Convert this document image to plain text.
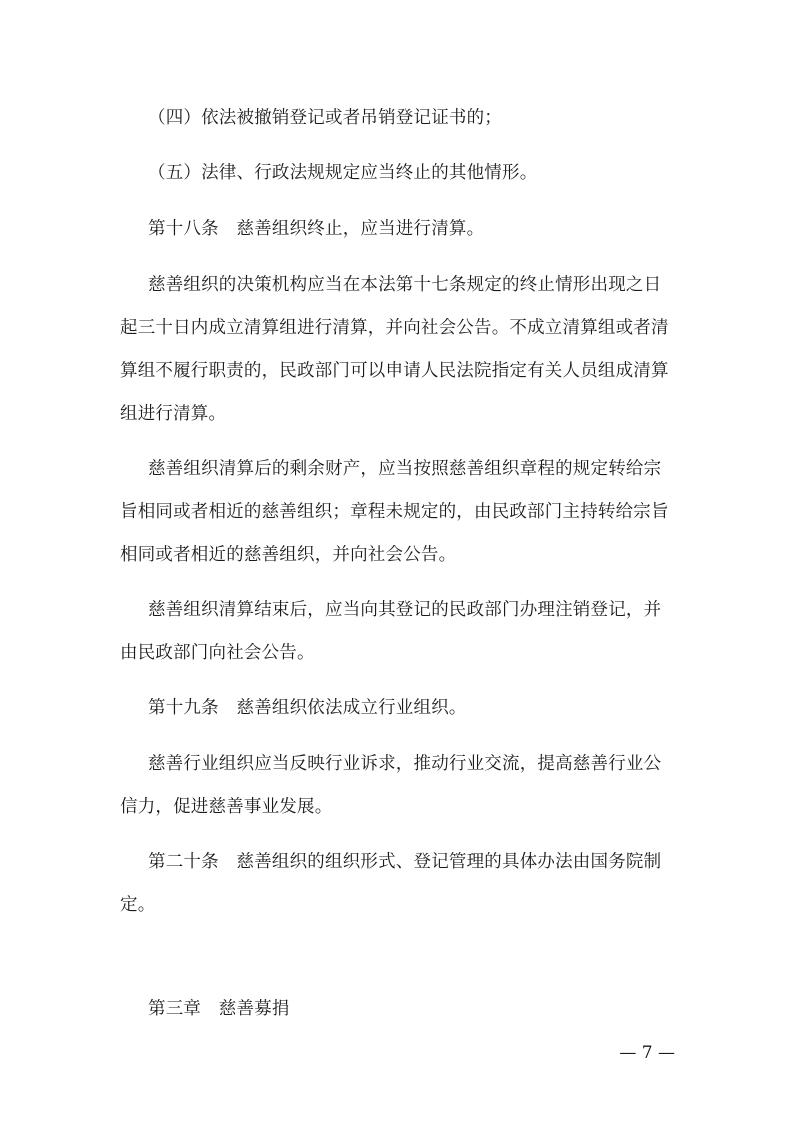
（四）依法被撤销登记或者吊销登记证书的；
（五）法律、行政法规规定应当终止的其他情形。
第十八条　慈善组织终止，应当进行清算。
慈善组织的决策机构应当在本法第十七条规定的终止情形出现之日
起三十日内成立清算组进行清算，并向社会公告。不成立清算组或者清
算组不履行职责的，民政部门可以申请人民法院指定有关人员组成清算
组进行清算。
慈善组织清算后的剩余财产，应当按照慈善组织章程的规定转给宗
旨相同或者相近的慈善组织；章程未规定的，由民政部门主持转给宗旨
相同或者相近的慈善组织，并向社会公告。
慈善组织清算结束后，应当向其登记的民政部门办理注销登记，并
由民政部门向社会公告。
第十九条　慈善组织依法成立行业组织。
慈善行业组织应当反映行业诉求，推动行业交流，提高慈善行业公
信力，促进慈善事业发展。
第二十条　慈善组织的组织形式、登记管理的具体办法由国务院制
定。
第三章　慈善募捐
— 7 —
